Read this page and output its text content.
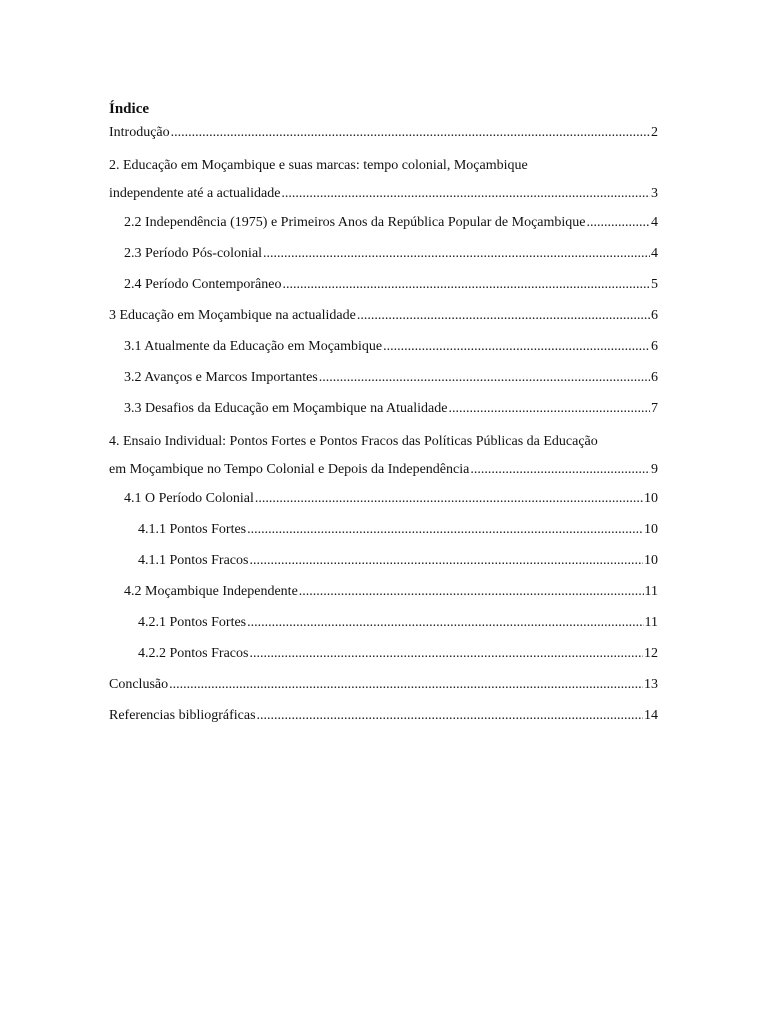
Índice
Introdução .....	2
2. Educação em Moçambique e suas marcas: tempo colonial, Moçambique
independente até a actualidade .....	3
2.2 Independência (1975) e Primeiros Anos da República Popular de Moçambique .....	4
2.3 Período Pós-colonial .....	4
2.4 Período Contemporâneo .....	5
3 Educação em Moçambique na actualidade .....	6
3.1 Atualmente da Educação em Moçambique .....	6
3.2 Avanços e Marcos Importantes .....	6
3.3 Desafios da Educação em Moçambique na Atualidade .....	7
4. Ensaio Individual: Pontos Fortes e Pontos Fracos das Políticas Públicas da Educação
em Moçambique no Tempo Colonial e Depois da Independência .....	9
4.1 O Período Colonial .....	10
4.1.1 Pontos Fortes .....	10
4.1.1 Pontos Fracos .....	10
4.2 Moçambique Independente .....	11
4.2.1 Pontos Fortes .....	11
4.2.2 Pontos Fracos .....	12
Conclusão .....	13
Referencias bibliográficas .....	14
